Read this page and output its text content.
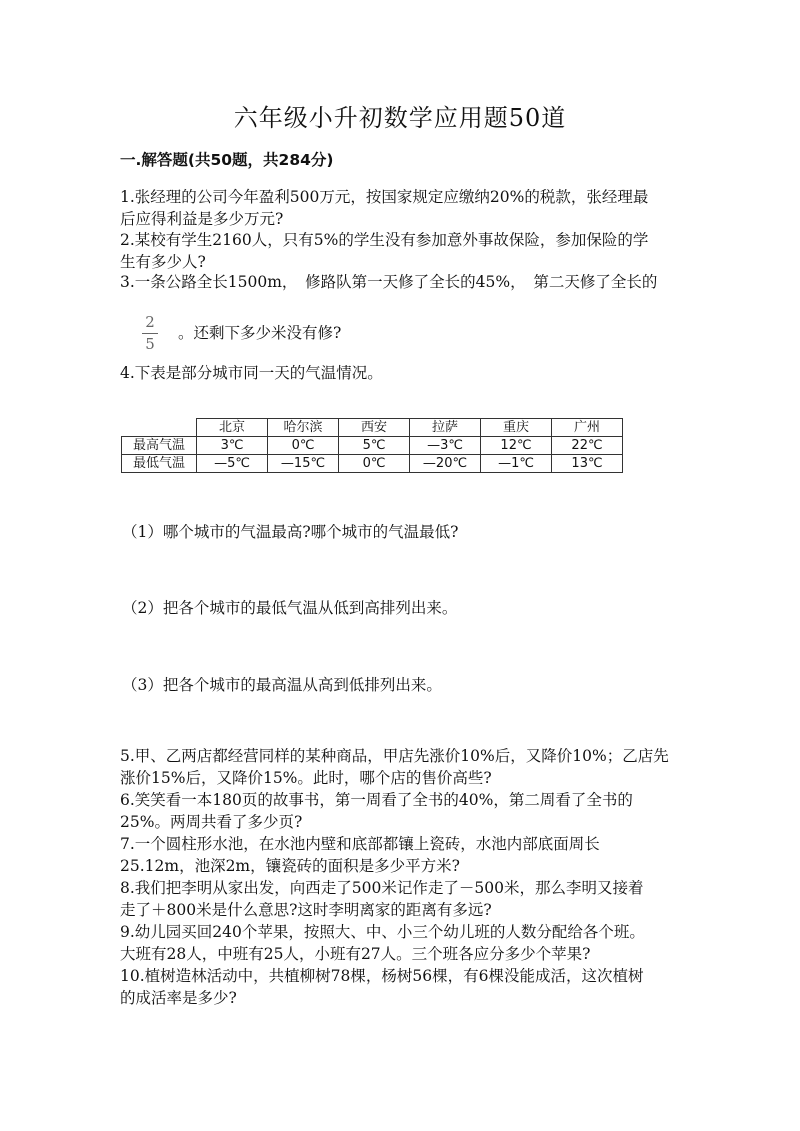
六年级小升初数学应用题50道
一.解答题(共50题，共284分)
1.张经理的公司今年盈利500万元，按国家规定应缴纳20%的税款，张经理最
后应得利益是多少万元?
2.某校有学生2160人，只有5%的学生没有参加意外事故保险，参加保险的学
生有多少人?
3.一条公路全长1500m，　修路队第一天修了全长的45%，　第二天修了全长的
2
5
。还剩下多少米没有修?
4.下表是部分城市同一天的气温情况。
	北京	哈尔滨	西安	拉萨	重庆	广州
最高气温	3℃	0℃	5℃	—3℃	12℃	22℃
最低气温	—5℃	—15℃	0℃	—20℃	—1℃	13℃
（1）哪个城市的气温最高?哪个城市的气温最低?
（2）把各个城市的最低气温从低到高排列出来。
（3）把各个城市的最高温从高到低排列出来。
5.甲、乙两店都经营同样的某种商品，甲店先涨价10%后，又降价10%；乙店先
涨价15%后，又降价15%。此时，哪个店的售价高些?
6.笑笑看一本180页的故事书，第一周看了全书的40%，第二周看了全书的
25%。两周共看了多少页?
7.一个圆柱形水池，在水池内壁和底部都镶上瓷砖，水池内部底面周长
25.12m，池深2m，镶瓷砖的面积是多少平方米?
8.我们把李明从家出发，向西走了500米记作走了－500米，那么李明又接着
走了＋800米是什么意思?这时李明离家的距离有多远?
9.幼儿园买回240个苹果，按照大、中、小三个幼儿班的人数分配给各个班。
大班有28人，中班有25人，小班有27人。三个班各应分多少个苹果?
10.植树造林活动中，共植柳树78棵，杨树56棵，有6棵没能成活，这次植树
的成活率是多少?
